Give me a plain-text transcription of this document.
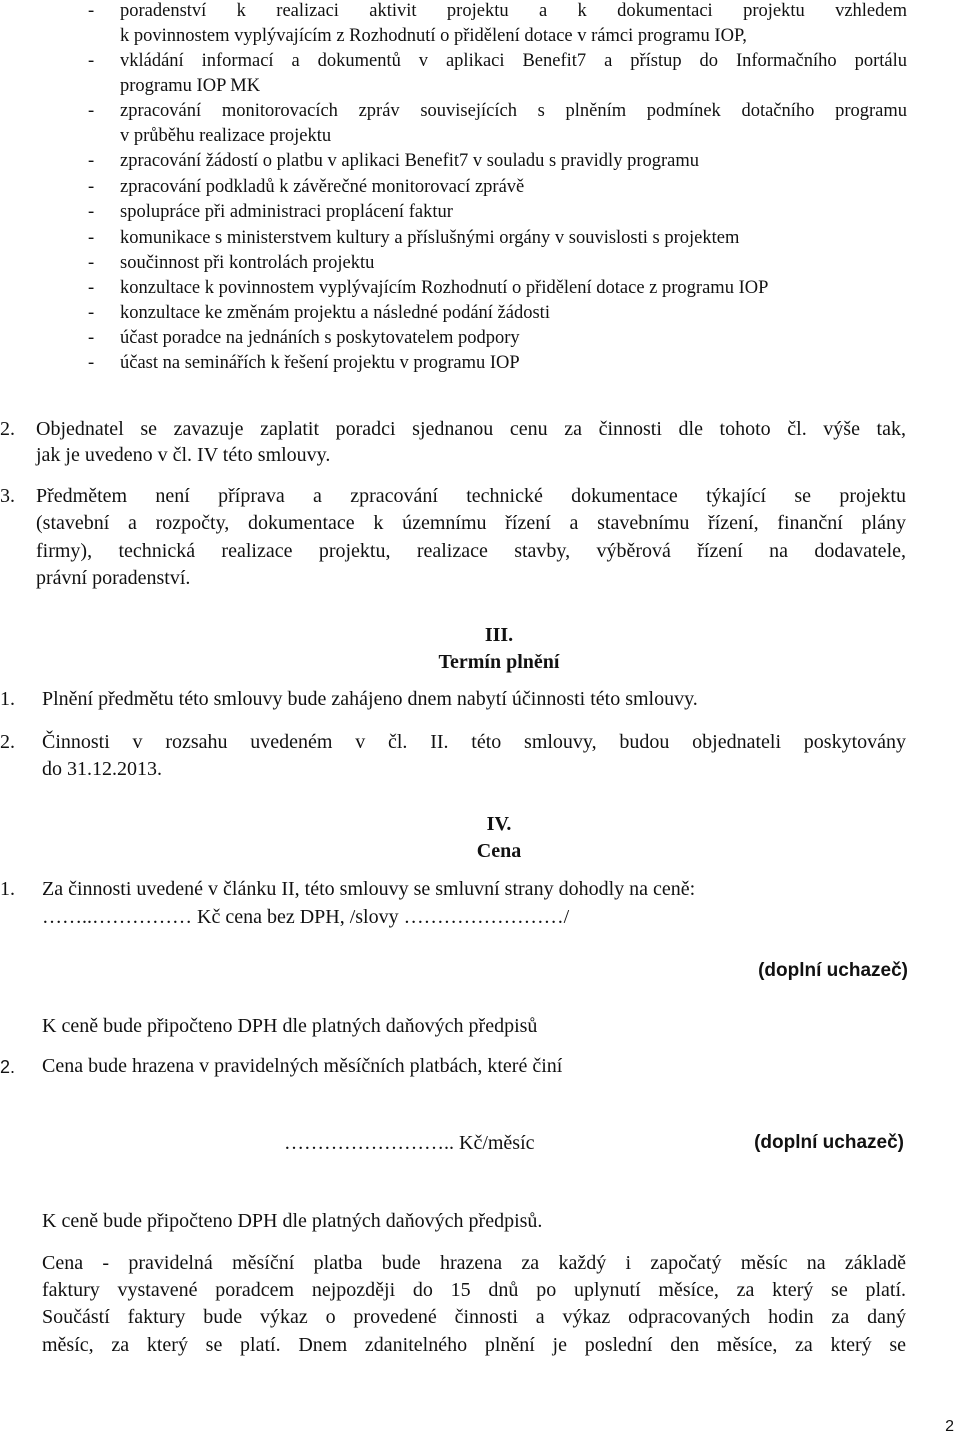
- poradenství k realizaci aktivit projektu a k dokumentaci projektu vzhledem
k povinnostem vyplývajícím z Rozhodnutí o přidělení dotace v rámci programu IOP,
- vkládání informací a dokumentů v aplikaci Benefit7 a přístup do Informačního portálu
programu IOP MK
- zpracování monitorovacích zpráv souvisejících s plněním podmínek dotačního programu
v průběhu realizace projektu
- zpracování žádostí o platbu v aplikaci Benefit7 v souladu s pravidly programu
- zpracování podkladů k závěrečné monitorovací zprávě
- spolupráce při administraci proplácení faktur
- komunikace s ministerstvem kultury a příslušnými orgány v souvislosti s projektem
- součinnost při kontrolách projektu
- konzultace k povinnostem vyplývajícím Rozhodnutí o přidělení dotace z programu IOP
- konzultace ke změnám projektu a následné podání žádosti
- účast poradce na jednáních s poskytovatelem podpory
- účast na seminářích k řešení projektu v programu IOP
2. Objednatel se zavazuje zaplatit poradci sjednanou cenu za činnosti dle tohoto čl. výše tak,
jak je uvedeno v čl. IV této smlouvy.
3. Předmětem není příprava a zpracování technické dokumentace týkající se projektu
(stavební a rozpočty, dokumentace k územnímu řízení a stavebnímu řízení, finanční plány
firmy), technická realizace projektu, realizace stavby, výběrová řízení na dodavatele,
právní poradenství.
III.
Termín plnění
1. Plnění předmětu této smlouvy bude zahájeno dnem nabytí účinnosti této smlouvy.
2. Činnosti v rozsahu uvedeném v čl. II. této smlouvy, budou objednateli poskytovány
do 31.12.2013.
IV.
Cena
1. Za činnosti uvedené v článku II, této smlouvy se smluvní strany dohodly na ceně:
……..…………… Kč cena bez DPH, /slovy ……………………/
(doplní uchazeč)
K ceně bude připočteno DPH dle platných daňových předpisů
2. Cena bude hrazena v pravidelných měsíčních platbách, které činí
…………………….. Kč/měsíc	(doplní uchazeč)
K ceně bude připočteno DPH dle platných daňových předpisů.
Cena - pravidelná měsíční platba bude hrazena za každý i započatý měsíc na základě
faktury vystavené poradcem nejpozději do 15 dnů po uplynutí měsíce, za který se platí.
Součástí faktury bude výkaz o provedené činnosti a výkaz odpracovaných hodin za daný
měsíc, za který se platí. Dnem zdanitelného plnění je poslední den měsíce, za který se
2
